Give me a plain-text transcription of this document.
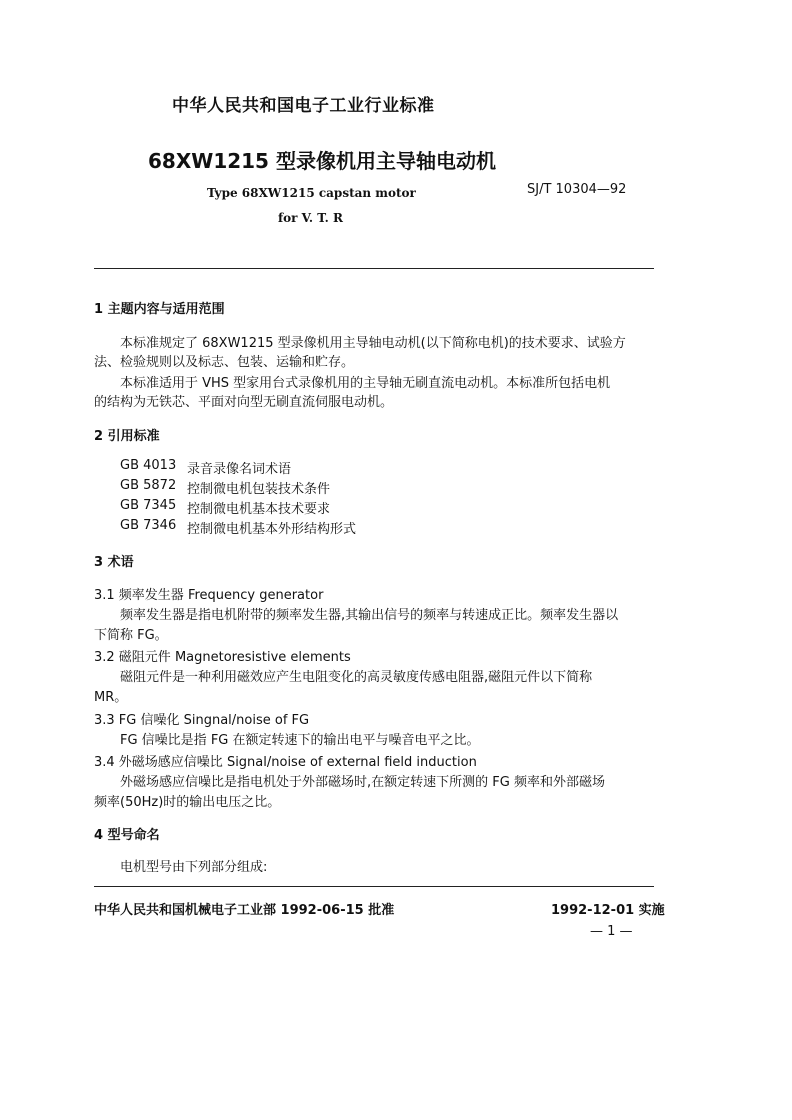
中华人民共和国电子工业行业标准
68XW1215 型录像机用主导轴电动机
Type 68XW1215 capstan motor
for V. T. R
SJ/T 10304—92
1 主题内容与适用范围
本标准规定了 68XW1215 型录像机用主导轴电动机(以下简称电机)的技术要求、试验方
法、检验规则以及标志、包装、运输和贮存。
本标准适用于 VHS 型家用台式录像机用的主导轴无刷直流电动机。本标准所包括电机
的结构为无铁芯、平面对向型无刷直流伺服电动机。
2 引用标准
GB 4013 录音录像名词术语
GB 5872 控制微电机包装技术条件
GB 7345 控制微电机基本技术要求
GB 7346 控制微电机基本外形结构形式
3 术语
3.1 频率发生器 Frequency generator
频率发生器是指电机附带的频率发生器,其输出信号的频率与转速成正比。频率发生器以
下简称 FG。
3.2 磁阻元件 Magnetoresistive elements
磁阻元件是一种利用磁效应产生电阻变化的高灵敏度传感电阻器,磁阻元件以下简称
MR。
3.3 FG 信噪化 Singnal/noise of FG
FG 信噪比是指 FG 在额定转速下的输出电平与噪音电平之比。
3.4 外磁场感应信噪比 Signal/noise of external field induction
外磁场感应信噪比是指电机处于外部磁场时,在额定转速下所测的 FG 频率和外部磁场
频率(50Hz)时的输出电压之比。
4 型号命名
电机型号由下列部分组成:
中华人民共和国机械电子工业部 1992-06-15 批准	1992-12-01 实施
— 1 —
